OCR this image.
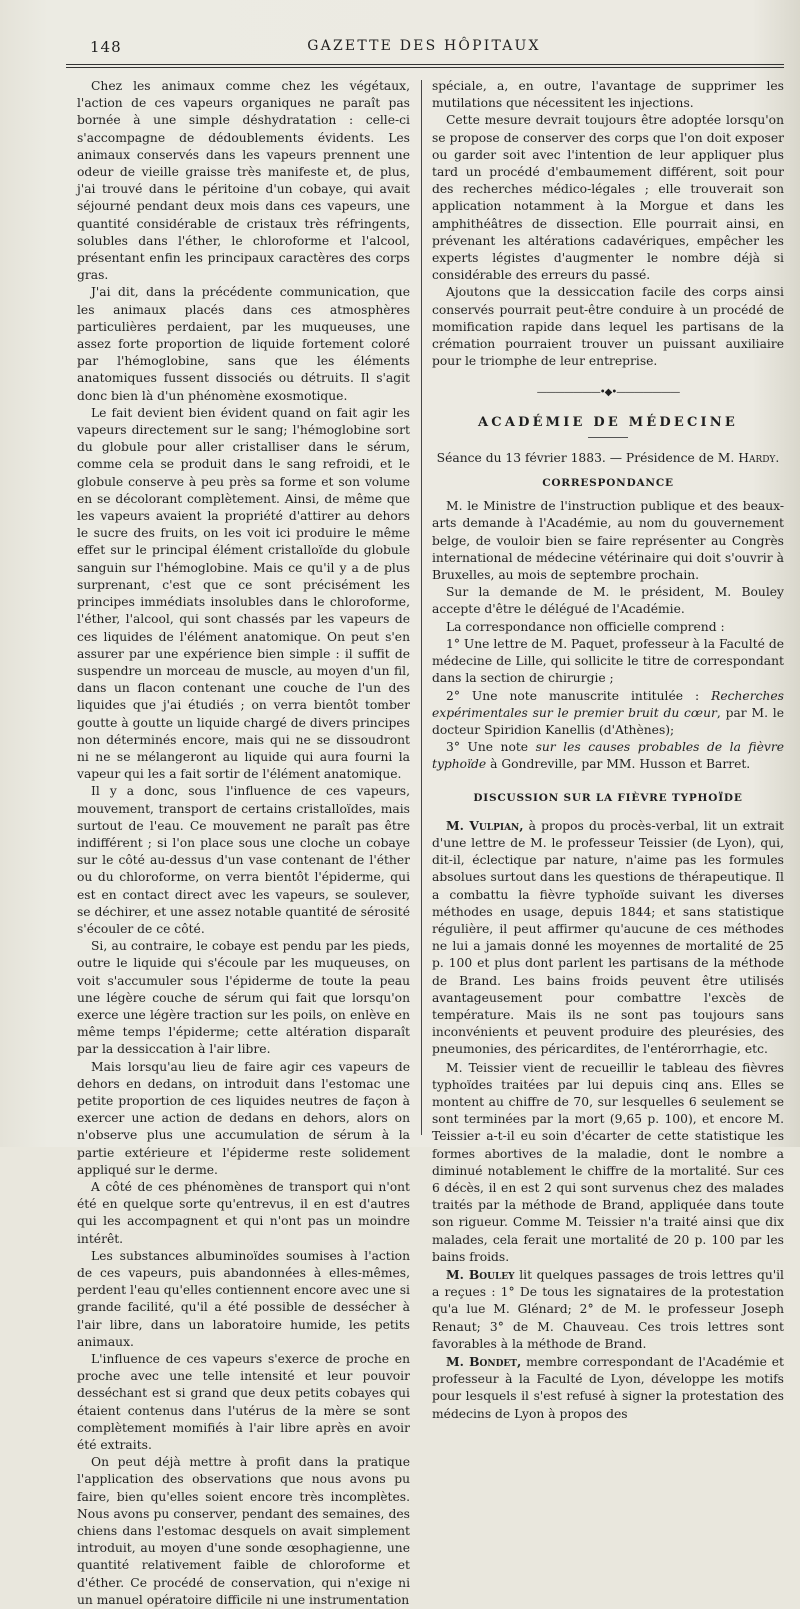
148	GAZETTE DES HÔPITAUX

Chez les animaux comme chez les végétaux, l'action de ces vapeurs organiques ne paraît pas bornée à une simple déshydratation : celle-ci s'accompagne de dédoublements évidents. Les animaux conservés dans les vapeurs prennent une odeur de vieille graisse très manifeste et, de plus, j'ai trouvé dans le péritoine d'un cobaye, qui avait séjourné pendant deux mois dans ces vapeurs, une quantité considérable de cristaux très réfringents, solubles dans l'éther, le chloroforme et l'alcool, présentant enfin les principaux caractères des corps gras.

J'ai dit, dans la précédente communication, que les animaux placés dans ces atmosphères particulières perdaient, par les muqueuses, une assez forte proportion de liquide fortement coloré par l'hémoglobine, sans que les éléments anatomiques fussent dissociés ou détruits. Il s'agit donc bien là d'un phénomène exosmotique.

Le fait devient bien évident quand on fait agir les vapeurs directement sur le sang; l'hémoglobine sort du globule pour aller cristalliser dans le sérum, comme cela se produit dans le sang refroidi, et le globule conserve à peu près sa forme et son volume en se décolorant complètement. Ainsi, de même que les vapeurs avaient la propriété d'attirer au dehors le sucre des fruits, on les voit ici produire le même effet sur le principal élément cristalloïde du globule sanguin sur l'hémoglobine. Mais ce qu'il y a de plus surprenant, c'est que ce sont précisément les principes immédiats insolubles dans le chloroforme, l'éther, l'alcool, qui sont chassés par les vapeurs de ces liquides de l'élément anatomique. On peut s'en assurer par une expérience bien simple : il suffit de suspendre un morceau de muscle, au moyen d'un fil, dans un flacon contenant une couche de l'un des liquides que j'ai étudiés ; on verra bientôt tomber goutte à goutte un liquide chargé de divers principes non déterminés encore, mais qui ne se dissoudront ni ne se mélangeront au liquide qui aura fourni la vapeur qui les a fait sortir de l'élément anatomique.

Il y a donc, sous l'influence de ces vapeurs, mouvement, transport de certains cristalloïdes, mais surtout de l'eau. Ce mouvement ne paraît pas être indifférent ; si l'on place sous une cloche un cobaye sur le côté au-dessus d'un vase contenant de l'éther ou du chloroforme, on verra bientôt l'épiderme, qui est en contact direct avec les vapeurs, se soulever, se déchirer, et une assez notable quantité de sérosité s'écouler de ce côté.

Si, au contraire, le cobaye est pendu par les pieds, outre le liquide qui s'écoule par les muqueuses, on voit s'accumuler sous l'épiderme de toute la peau une légère couche de sérum qui fait que lorsqu'on exerce une légère traction sur les poils, on enlève en même temps l'épiderme; cette altération disparaît par la dessiccation à l'air libre.

Mais lorsqu'au lieu de faire agir ces vapeurs de dehors en dedans, on introduit dans l'estomac une petite proportion de ces liquides neutres de façon à exercer une action de dedans en dehors, alors on n'observe plus une accumulation de sérum à la partie extérieure et l'épiderme reste solidement appliqué sur le derme.

A côté de ces phénomènes de transport qui n'ont été en quelque sorte qu'entrevus, il en est d'autres qui les accompagnent et qui n'ont pas un moindre intérêt.

Les substances albuminoïdes soumises à l'action de ces vapeurs, puis abandonnées à elles-mêmes, perdent l'eau qu'elles contiennent encore avec une si grande facilité, qu'il a été possible de dessécher à l'air libre, dans un laboratoire humide, les petits animaux.

L'influence de ces vapeurs s'exerce de proche en proche avec une telle intensité et leur pouvoir desséchant est si grand que deux petits cobayes qui étaient contenus dans l'utérus de la mère se sont complètement momifiés à l'air libre après en avoir été extraits.

On peut déjà mettre à profit dans la pratique l'application des observations que nous avons pu faire, bien qu'elles soient encore très incomplètes. Nous avons pu conserver, pendant des semaines, des chiens dans l'estomac desquels on avait simplement introduit, au moyen d'une sonde œsophagienne, une quantité relativement faible de chloroforme et d'éther. Ce procédé de conservation, qui n'exige ni un manuel opératoire difficile ni une instrumentation

spéciale, a, en outre, l'avantage de supprimer les mutilations que nécessitent les injections.

Cette mesure devrait toujours être adoptée lorsqu'on se propose de conserver des corps que l'on doit exposer ou garder soit avec l'intention de leur appliquer plus tard un procédé d'embaumement différent, soit pour des recherches médico-légales ; elle trouverait son application notamment à la Morgue et dans les amphithéâtres de dissection. Elle pourrait ainsi, en prévenant les altérations cadavériques, empêcher les experts légistes d'augmenter le nombre déjà si considérable des erreurs du passé.

Ajoutons que la dessiccation facile des corps ainsi conservés pourrait peut-être conduire à un procédé de momification rapide dans lequel les partisans de la crémation pourraient trouver un puissant auxiliaire pour le triomphe de leur entreprise.

———————•◆•———————
ACADÉMIE DE MÉDECINE

Séance du 13 février 1883. — Présidence de M. Hardy.

CORRESPONDANCE

M. le Ministre de l'instruction publique et des beaux-arts demande à l'Académie, au nom du gouvernement belge, de vouloir bien se faire représenter au Congrès international de médecine vétérinaire qui doit s'ouvrir à Bruxelles, au mois de septembre prochain.

Sur la demande de M. le président, M. Bouley accepte d'être le délégué de l'Académie.

La correspondance non officielle comprend :

1° Une lettre de M. Paquet, professeur à la Faculté de médecine de Lille, qui sollicite le titre de correspondant dans la section de chirurgie ;

2° Une note manuscrite intitulée : Recherches expérimentales sur le premier bruit du cœur, par M. le docteur Spiridion Kanellis (d'Athènes);

3° Une note sur les causes probables de la fièvre typhoïde à Gondreville, par MM. Husson et Barret.

DISCUSSION SUR LA FIÈVRE TYPHOÏDE

M. Vulpian, à propos du procès-verbal, lit un extrait d'une lettre de M. le professeur Teissier (de Lyon), qui, dit-il, éclectique par nature, n'aime pas les formules absolues surtout dans les questions de thérapeutique. Il a combattu la fièvre typhoïde suivant les diverses méthodes en usage, depuis 1844; et sans statistique régulière, il peut affirmer qu'aucune de ces méthodes ne lui a jamais donné les moyennes de mortalité de 25 p. 100 et plus dont parlent les partisans de la méthode de Brand. Les bains froids peuvent être utilisés avantageusement pour combattre l'excès de température. Mais ils ne sont pas toujours sans inconvénients et peuvent produire des pleurésies, des pneumonies, des péricardites, de l'entérorrhagie, etc.

M. Teissier vient de recueillir le tableau des fièvres typhoïdes traitées par lui depuis cinq ans. Elles se montent au chiffre de 70, sur lesquelles 6 seulement se sont terminées par la mort (9,65 p. 100), et encore M. Teissier a-t-il eu soin d'écarter de cette statistique les formes abortives de la maladie, dont le nombre a diminué notablement le chiffre de la mortalité. Sur ces 6 décès, il en est 2 qui sont survenus chez des malades traités par la méthode de Brand, appliquée dans toute son rigueur. Comme M. Teissier n'a traité ainsi que dix malades, cela ferait une mortalité de 20 p. 100 par les bains froids.

M. Bouley lit quelques passages de trois lettres qu'il a reçues : 1° De tous les signataires de la protestation qu'a lue M. Glénard; 2° de M. le professeur Joseph Renaut; 3° de M. Chauveau. Ces trois lettres sont favorables à la méthode de Brand.

M. Bondet, membre correspondant de l'Académie et professeur à la Faculté de Lyon, développe les motifs pour lesquels il s'est refusé à signer la protestation des médecins de Lyon à propos des
